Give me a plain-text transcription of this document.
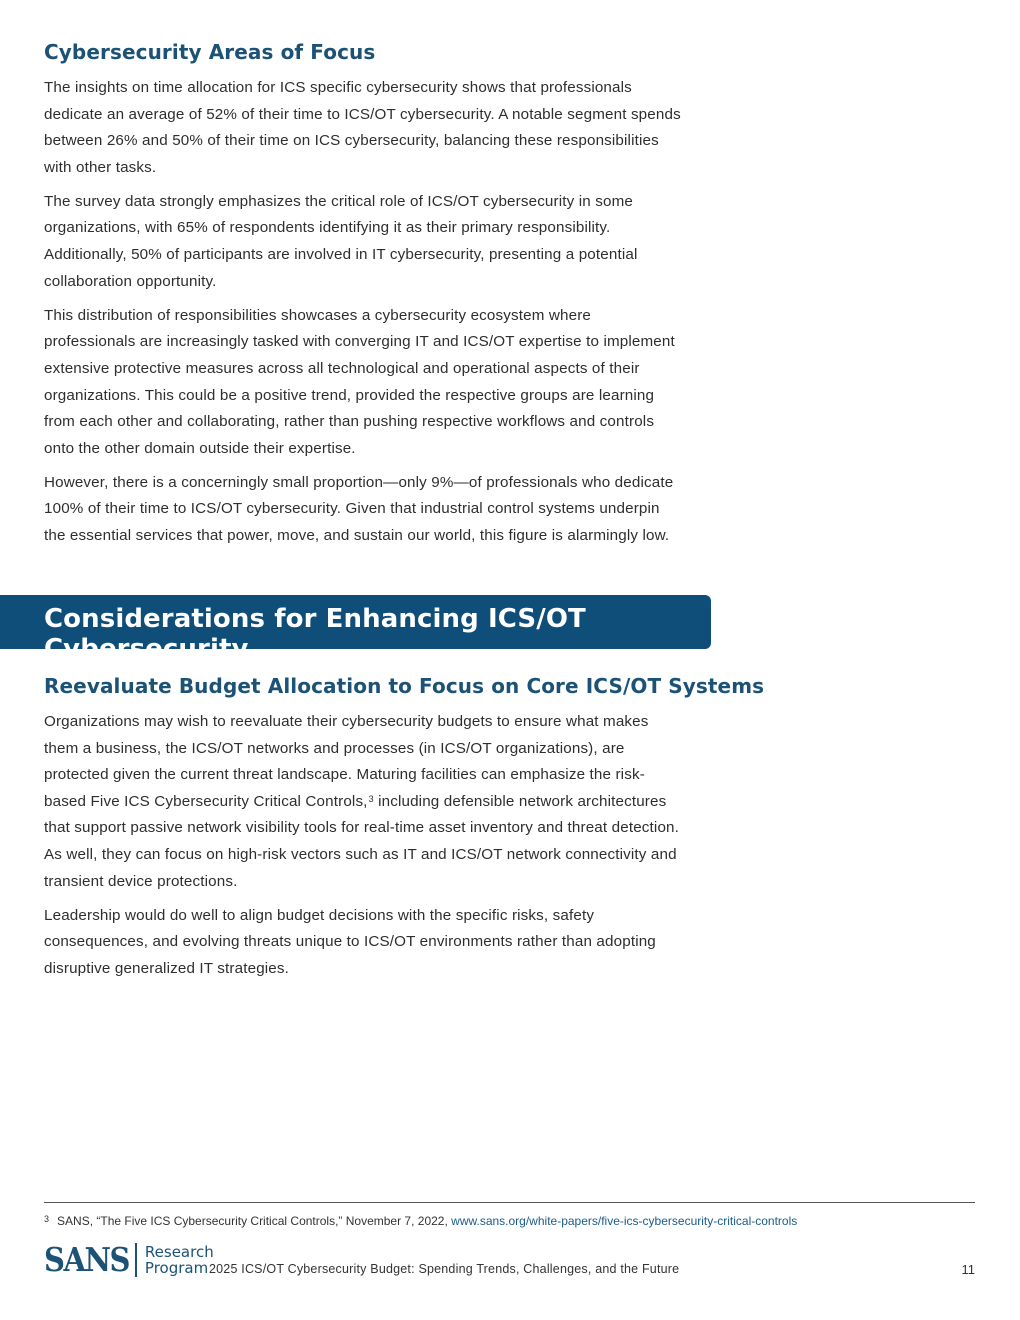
Cybersecurity Areas of Focus

The insights on time allocation for ICS specific cybersecurity shows that professionals dedicate an average of 52% of their time to ICS/OT cybersecurity. A notable segment spends between 26% and 50% of their time on ICS cybersecurity, balancing these responsibilities with other tasks.

The survey data strongly emphasizes the critical role of ICS/OT cybersecurity in some organizations, with 65% of respondents identifying it as their primary responsibility. Additionally, 50% of participants are involved in IT cybersecurity, presenting a potential collaboration opportunity.

This distribution of responsibilities showcases a cybersecurity ecosystem where professionals are increasingly tasked with converging IT and ICS/OT expertise to implement extensive protective measures across all technological and operational aspects of their organizations. This could be a positive trend, provided the respective groups are learning from each other and collaborating, rather than pushing respective workflows and controls onto the other domain outside their expertise.

However, there is a concerningly small proportion—only 9%—of professionals who dedicate 100% of their time to ICS/OT cybersecurity. Given that industrial control systems underpin the essential services that power, move, and sustain our world, this figure is alarmingly low.

Considerations for Enhancing ICS/OT Cybersecurity
Reevaluate Budget Allocation to Focus on Core ICS/OT Systems

Organizations may wish to reevaluate their cybersecurity budgets to ensure what makes them a business, the ICS/OT networks and processes (in ICS/OT organizations), are protected given the current threat landscape. Maturing facilities can emphasize the risk-based Five ICS Cybersecurity Critical Controls,$^3$ including defensible network architectures that support passive network visibility tools for real-time asset inventory and threat detection. As well, they can focus on high-risk vectors such as IT and ICS/OT network connectivity and transient device protections.

Leadership would do well to align budget decisions with the specific risks, safety consequences, and evolving threats unique to ICS/OT environments rather than adopting disruptive generalized IT strategies.

$^3$ SANS, “The Five ICS Cybersecurity Critical Controls,” November 7, 2022, www.sans.org/white-papers/five-ics-cybersecurity-critical-controls
SANS Research
Program 2025 ICS/OT Cybersecurity Budget: Spending Trends, Challenges, and the Future	11
